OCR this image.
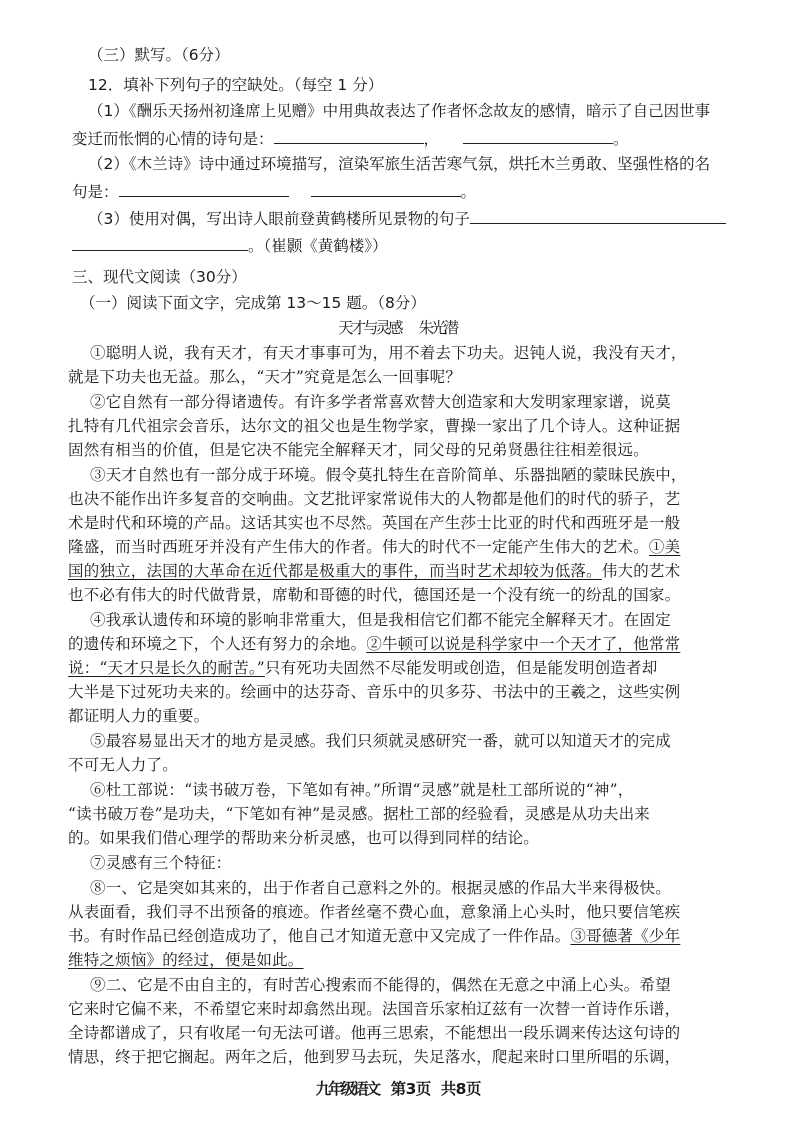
（三）默写。（6分）
12．填补下列句子的空缺处。（每空 1 分）
（1）《酬乐天扬州初逢席上见赠》中用典故表达了作者怀念故友的感情，暗示了自己因世事
变迁而怅惘的心情的诗句是：	，	。
（2）《木兰诗》诗中通过环境描写，渲染军旅生活苦寒气氛，烘托木兰勇敢、坚强性格的名
句是：	。
（3）使用对偶，写出诗人眼前登黄鹤楼所见景物的句子
。（崔颢《黄鹤楼》）
三、现代文阅读（30分）
（一）阅读下面文字，完成第 13～15 题。（8分）
天才与灵感 朱光潜
①聪明人说，我有天才，有天才事事可为，用不着去下功夫。迟钝人说，我没有天才，
就是下功夫也无益。那么，“天才”究竟是怎么一回事呢？
②它自然有一部分得诸遗传。有许多学者常喜欢替大创造家和大发明家理家谱，说莫
扎特有几代祖宗会音乐，达尔文的祖父也是生物学家，曹操一家出了几个诗人。这种证据
固然有相当的价值，但是它决不能完全解释天才，同父母的兄弟贤愚往往相差很远。
③天才自然也有一部分成于环境。假令莫扎特生在音阶简单、乐器拙陋的蒙昧民族中，
也决不能作出许多复音的交响曲。文艺批评家常说伟大的人物都是他们的时代的骄子，艺
术是时代和环境的产品。这话其实也不尽然。英国在产生莎士比亚的时代和西班牙是一般
隆盛，而当时西班牙并没有产生伟大的作者。伟大的时代不一定能产生伟大的艺术。①美
国的独立，法国的大革命在近代都是极重大的事件，而当时艺术却较为低落。伟大的艺术
也不必有伟大的时代做背景，席勒和哥德的时代，德国还是一个没有统一的纷乱的国家。
④我承认遗传和环境的影响非常重大，但是我相信它们都不能完全解释天才。在固定
的遗传和环境之下，个人还有努力的余地。②牛顿可以说是科学家中一个天才了，他常常
说：“天才只是长久的耐苦。”只有死功夫固然不尽能发明或创造，但是能发明创造者却
大半是下过死功夫来的。绘画中的达芬奇、音乐中的贝多芬、书法中的王羲之，这些实例
都证明人力的重要。
⑤最容易显出天才的地方是灵感。我们只须就灵感研究一番，就可以知道天才的完成
不可无人力了。
⑥杜工部说：“读书破万卷，下笔如有神。”所谓“灵感”就是杜工部所说的“神”，
“读书破万卷”是功夫，“下笔如有神”是灵感。据杜工部的经验看，灵感是从功夫出来
的。如果我们借心理学的帮助来分析灵感，也可以得到同样的结论。
⑦灵感有三个特征：
⑧一、它是突如其来的，出于作者自己意料之外的。根据灵感的作品大半来得极快。
从表面看，我们寻不出预备的痕迹。作者丝毫不费心血，意象涌上心头时，他只要信笔疾
书。有时作品已经创造成功了，他自己才知道无意中又完成了一件作品。③哥德著《少年
维特之烦恼》的经过，便是如此。
⑨二、它是不由自主的，有时苦心搜索而不能得的，偶然在无意之中涌上心头。希望
它来时它偏不来，不希望它来时却翕然出现。法国音乐家柏辽兹有一次替一首诗作乐谱，
全诗都谱成了，只有收尾一句无法可谱。他再三思索，不能想出一段乐调来传达这句诗的
情思，终于把它搁起。两年之后，他到罗马去玩，失足落水，爬起来时口里所唱的乐调，
九年级语文　第 3 页　共 8 页
